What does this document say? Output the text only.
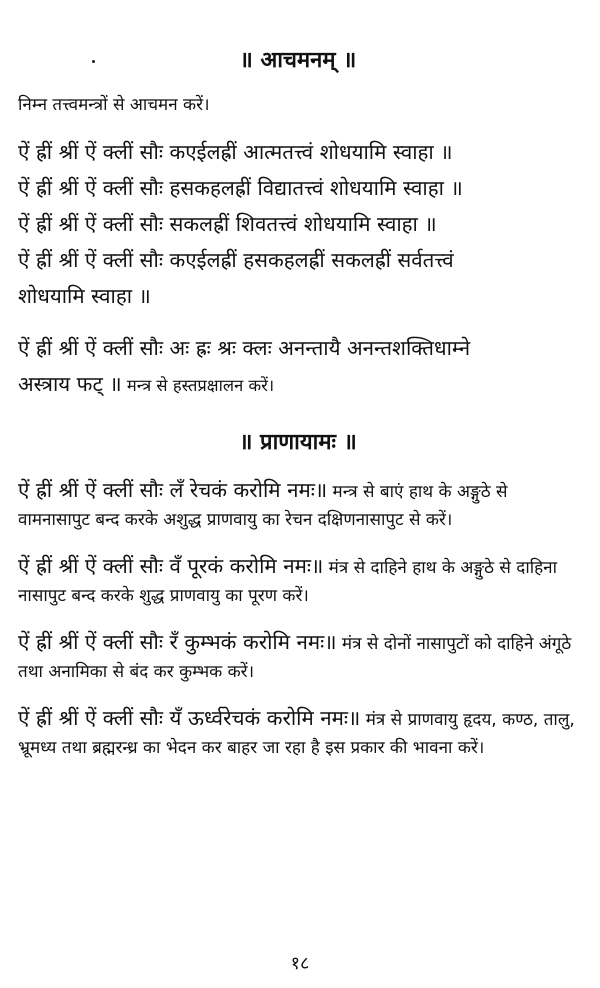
॥ आचमनम् ॥

निम्न तत्त्वमन्त्रों से आचमन करें।

ऐं ह्रीं श्रीं ऐं क्लीं सौः कएईलह्रीं आत्मतत्त्वं शोधयामि स्वाहा ॥

ऐं ह्रीं श्रीं ऐं क्लीं सौः हसकहलह्रीं विद्यातत्त्वं शोधयामि स्वाहा ॥

ऐं ह्रीं श्रीं ऐं क्लीं सौः सकलह्रीं शिवतत्त्वं शोधयामि स्वाहा ॥

ऐं ह्रीं श्रीं ऐं क्लीं सौः कएईलह्रीं हसकहलह्रीं सकलह्रीं सर्वतत्त्वं

शोधयामि स्वाहा ॥

ऐं ह्रीं श्रीं ऐं क्लीं सौः अः ह्रः श्रः क्लः अनन्तायै अनन्तशक्तिधाम्ने

अस्त्राय फट् ॥ मन्त्र से हस्तप्रक्षालन करें।

॥ प्राणायामः ॥

ऐं ह्रीं श्रीं ऐं क्लीं सौः लँ रेचकं करोमि नमः॥ मन्त्र से बाएं हाथ के अङ्गुठे से वामनासापुट बन्द करके अशुद्ध प्राणवायु का रेचन दक्षिणनासापुट से करें।

ऐं ह्रीं श्रीं ऐं क्लीं सौः वँ पूरकं करोमि नमः॥ मंत्र से दाहिने हाथ के अङ्गुठे से दाहिना नासापुट बन्द करके शुद्ध प्राणवायु का पूरण करें।

ऐं ह्रीं श्रीं ऐं क्लीं सौः रँ कुम्भकं करोमि नमः॥ मंत्र से दोनों नासापुटों को दाहिने अंगूठे तथा अनामिका से बंद कर कुम्भक करें।

ऐं ह्रीं श्रीं ऐं क्लीं सौः यँ ऊर्ध्वरेचकं करोमि नमः॥ मंत्र से प्राणवायु हृदय, कण्ठ, तालु, भ्रूमध्य तथा ब्रह्मरन्ध्र का भेदन कर बाहर जा रहा है इस प्रकार की भावना करें।

१८
